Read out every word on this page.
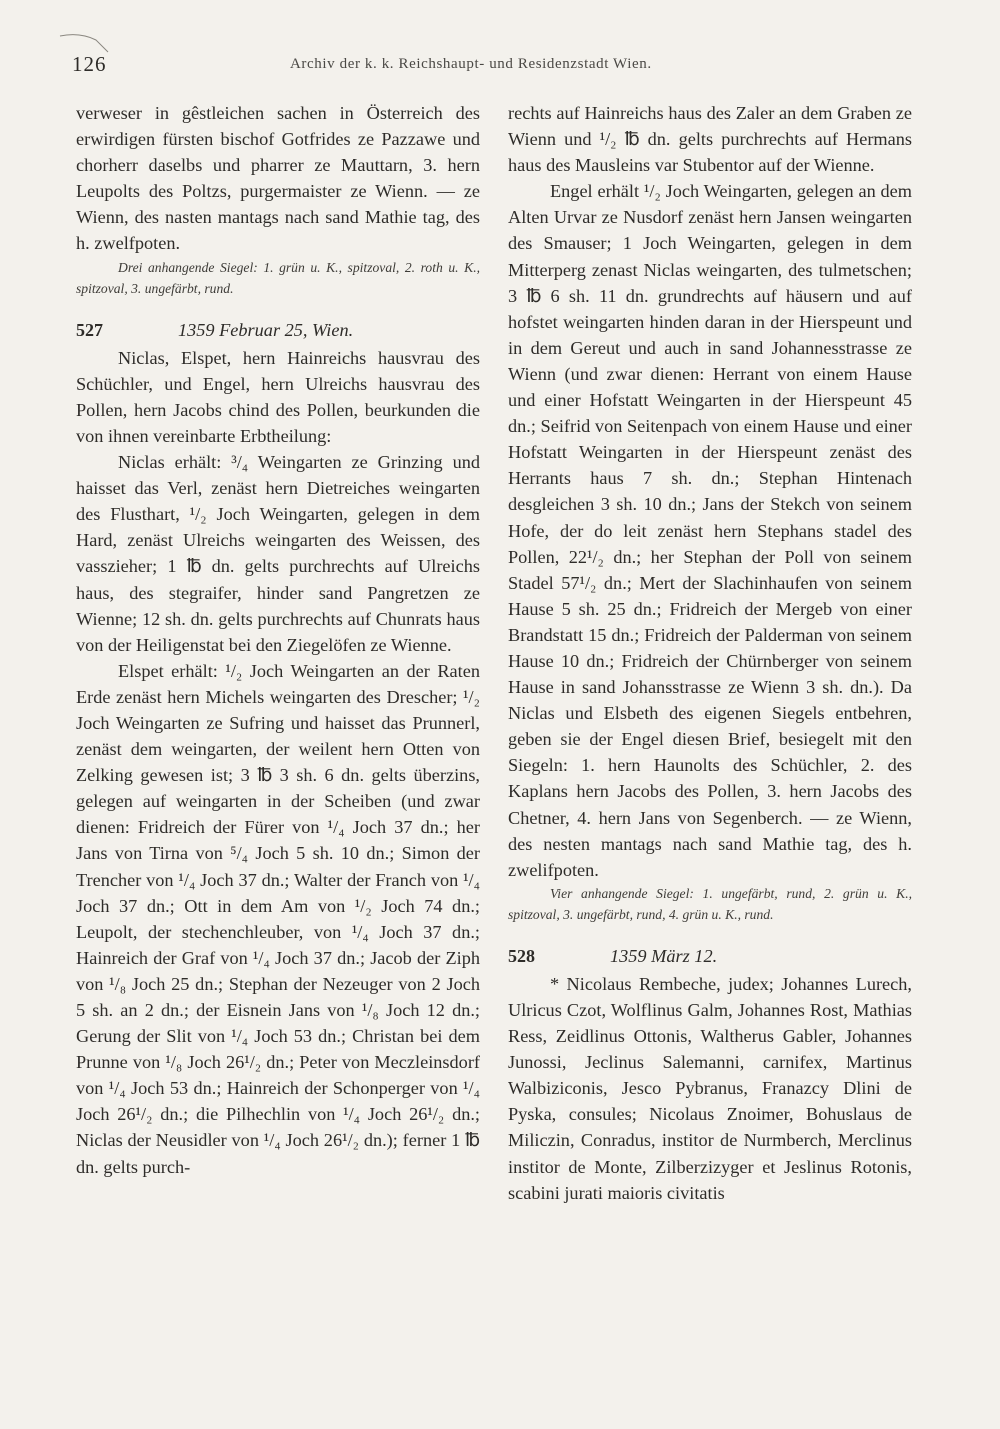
126	Archiv der k. k. Reichshaupt- und Residenzstadt Wien.

verweser in gêstleichen sachen in Österreich des erwirdigen fürsten bischof Gotfrides ze Pazzawe und chorherr daselbs und pharrer ze Mauttarn, 3. hern Leupolts des Poltzs, purgermaister ze Wienn. — ze Wienn, des nasten mantags nach sand Mathie tag, des h. zwelfpoten.

Drei anhangende Siegel: 1. grün u. K., spitzoval, 2. roth u. K., spitzoval, 3. ungefärbt, rund.

527	1359 Februar 25, Wien.

Niclas, Elspet, hern Hainreichs hausvrau des Schüchler, und Engel, hern Ulreichs hausvrau des Pollen, hern Jacobs chind des Pollen, beurkunden die von ihnen vereinbarte Erbtheilung:

Niclas erhält: ³/₄ Weingarten ze Grinzing und haisset das Verl, zenäst hern Dietreiches weingarten des Flusthart, ¹/₂ Joch Weingarten, gelegen in dem Hard, zenäst Ulreichs weingarten des Weissen, des vasszieher; 1 ℔ dn. gelts purchrechts auf Ulreichs haus, des stegraifer, hinder sand Pangretzen ze Wienne; 12 sh. dn. gelts purchrechts auf Chunrats haus von der Heiligenstat bei den Ziegelöfen ze Wienne.

Elspet erhält: ¹/₂ Joch Weingarten an der Raten Erde zenäst hern Michels weingarten des Drescher; ¹/₂ Joch Weingarten ze Sufring und haisset das Prunnerl, zenäst dem weingarten, der weilent hern Otten von Zelking gewesen ist; 3 ℔ 3 sh. 6 dn. gelts überzins, gelegen auf weingarten in der Scheiben (und zwar dienen: Fridreich der Fürer von ¹/₄ Joch 37 dn.; her Jans von Tirna von ⁵/₄ Joch 5 sh. 10 dn.; Simon der Trencher von ¹/₄ Joch 37 dn.; Walter der Franch von ¹/₄ Joch 37 dn.; Ott in dem Am von ¹/₂ Joch 74 dn.; Leupolt, der stechenchleuber, von ¹/₄ Joch 37 dn.; Hainreich der Graf von ¹/₄ Joch 37 dn.; Jacob der Ziph von ¹/₈ Joch 25 dn.; Stephan der Nezeuger von 2 Joch 5 sh. an 2 dn.; der Eisnein Jans von ¹/₈ Joch 12 dn.; Gerung der Slit von ¹/₄ Joch 53 dn.; Christan bei dem Prunne von ¹/₈ Joch 26¹/₂ dn.; Peter von Meczleinsdorf von ¹/₄ Joch 53 dn.; Hainreich der Schonperger von ¹/₄ Joch 26¹/₂ dn.; die Pilhechlin von ¹/₄ Joch 26¹/₂ dn.; Niclas der Neusidler von ¹/₄ Joch 26¹/₂ dn.); ferner 1 ℔ dn. gelts purch-

rechts auf Hainreichs haus des Zaler an dem Graben ze Wienn und ¹/₂ ℔ dn. gelts purchrechts auf Hermans haus des Mausleins var Stubentor auf der Wienne.

Engel erhält ¹/₂ Joch Weingarten, gelegen an dem Alten Urvar ze Nusdorf zenäst hern Jansen weingarten des Smauser; 1 Joch Weingarten, gelegen in dem Mitterperg zenast Niclas weingarten, des tulmetschen; 3 ℔ 6 sh. 11 dn. grundrechts auf häusern und auf hofstet weingarten hinden daran in der Hierspeunt und in dem Gereut und auch in sand Johannesstrasse ze Wienn (und zwar dienen: Herrant von einem Hause und einer Hofstatt Weingarten in der Hierspeunt 45 dn.; Seifrid von Seitenpach von einem Hause und einer Hofstatt Weingarten in der Hierspeunt zenäst des Herrants haus 7 sh. dn.; Stephan Hintenach desgleichen 3 sh. 10 dn.; Jans der Stekch von seinem Hofe, der do leit zenäst hern Stephans stadel des Pollen, 22¹/₂ dn.; her Stephan der Poll von seinem Stadel 57¹/₂ dn.; Mert der Slachinhaufen von seinem Hause 5 sh. 25 dn.; Fridreich der Mergeb von einer Brandstatt 15 dn.; Fridreich der Palderman von seinem Hause 10 dn.; Fridreich der Chürnberger von seinem Hause in sand Johansstrasse ze Wienn 3 sh. dn.). Da Niclas und Elsbeth des eigenen Siegels entbehren, geben sie der Engel diesen Brief, besiegelt mit den Siegeln: 1. hern Haunolts des Schüchler, 2. des Kaplans hern Jacobs des Pollen, 3. hern Jacobs des Chetner, 4. hern Jans von Segenberch. — ze Wienn, des nesten mantags nach sand Mathie tag, des h. zwelifpoten.

Vier anhangende Siegel: 1. ungefärbt, rund, 2. grün u. K., spitzoval, 3. ungefärbt, rund, 4. grün u. K., rund.

528	1359 März 12.

* Nicolaus Rembeche, judex; Johannes Lurech, Ulricus Czot, Wolflinus Galm, Johannes Rost, Mathias Ress, Zeidlinus Ottonis, Waltherus Gabler, Johannes Junossi, Jeclinus Salemanni, carnifex, Martinus Walbiziconis, Jesco Pybranus, Franazcy Dlini de Pyska, consules; Nicolaus Znoimer, Bohuslaus de Miliczin, Conradus, institor de Nurmberch, Merclinus institor de Monte, Zilberzizyger et Jeslinus Rotonis, scabini jurati maioris civitatis
